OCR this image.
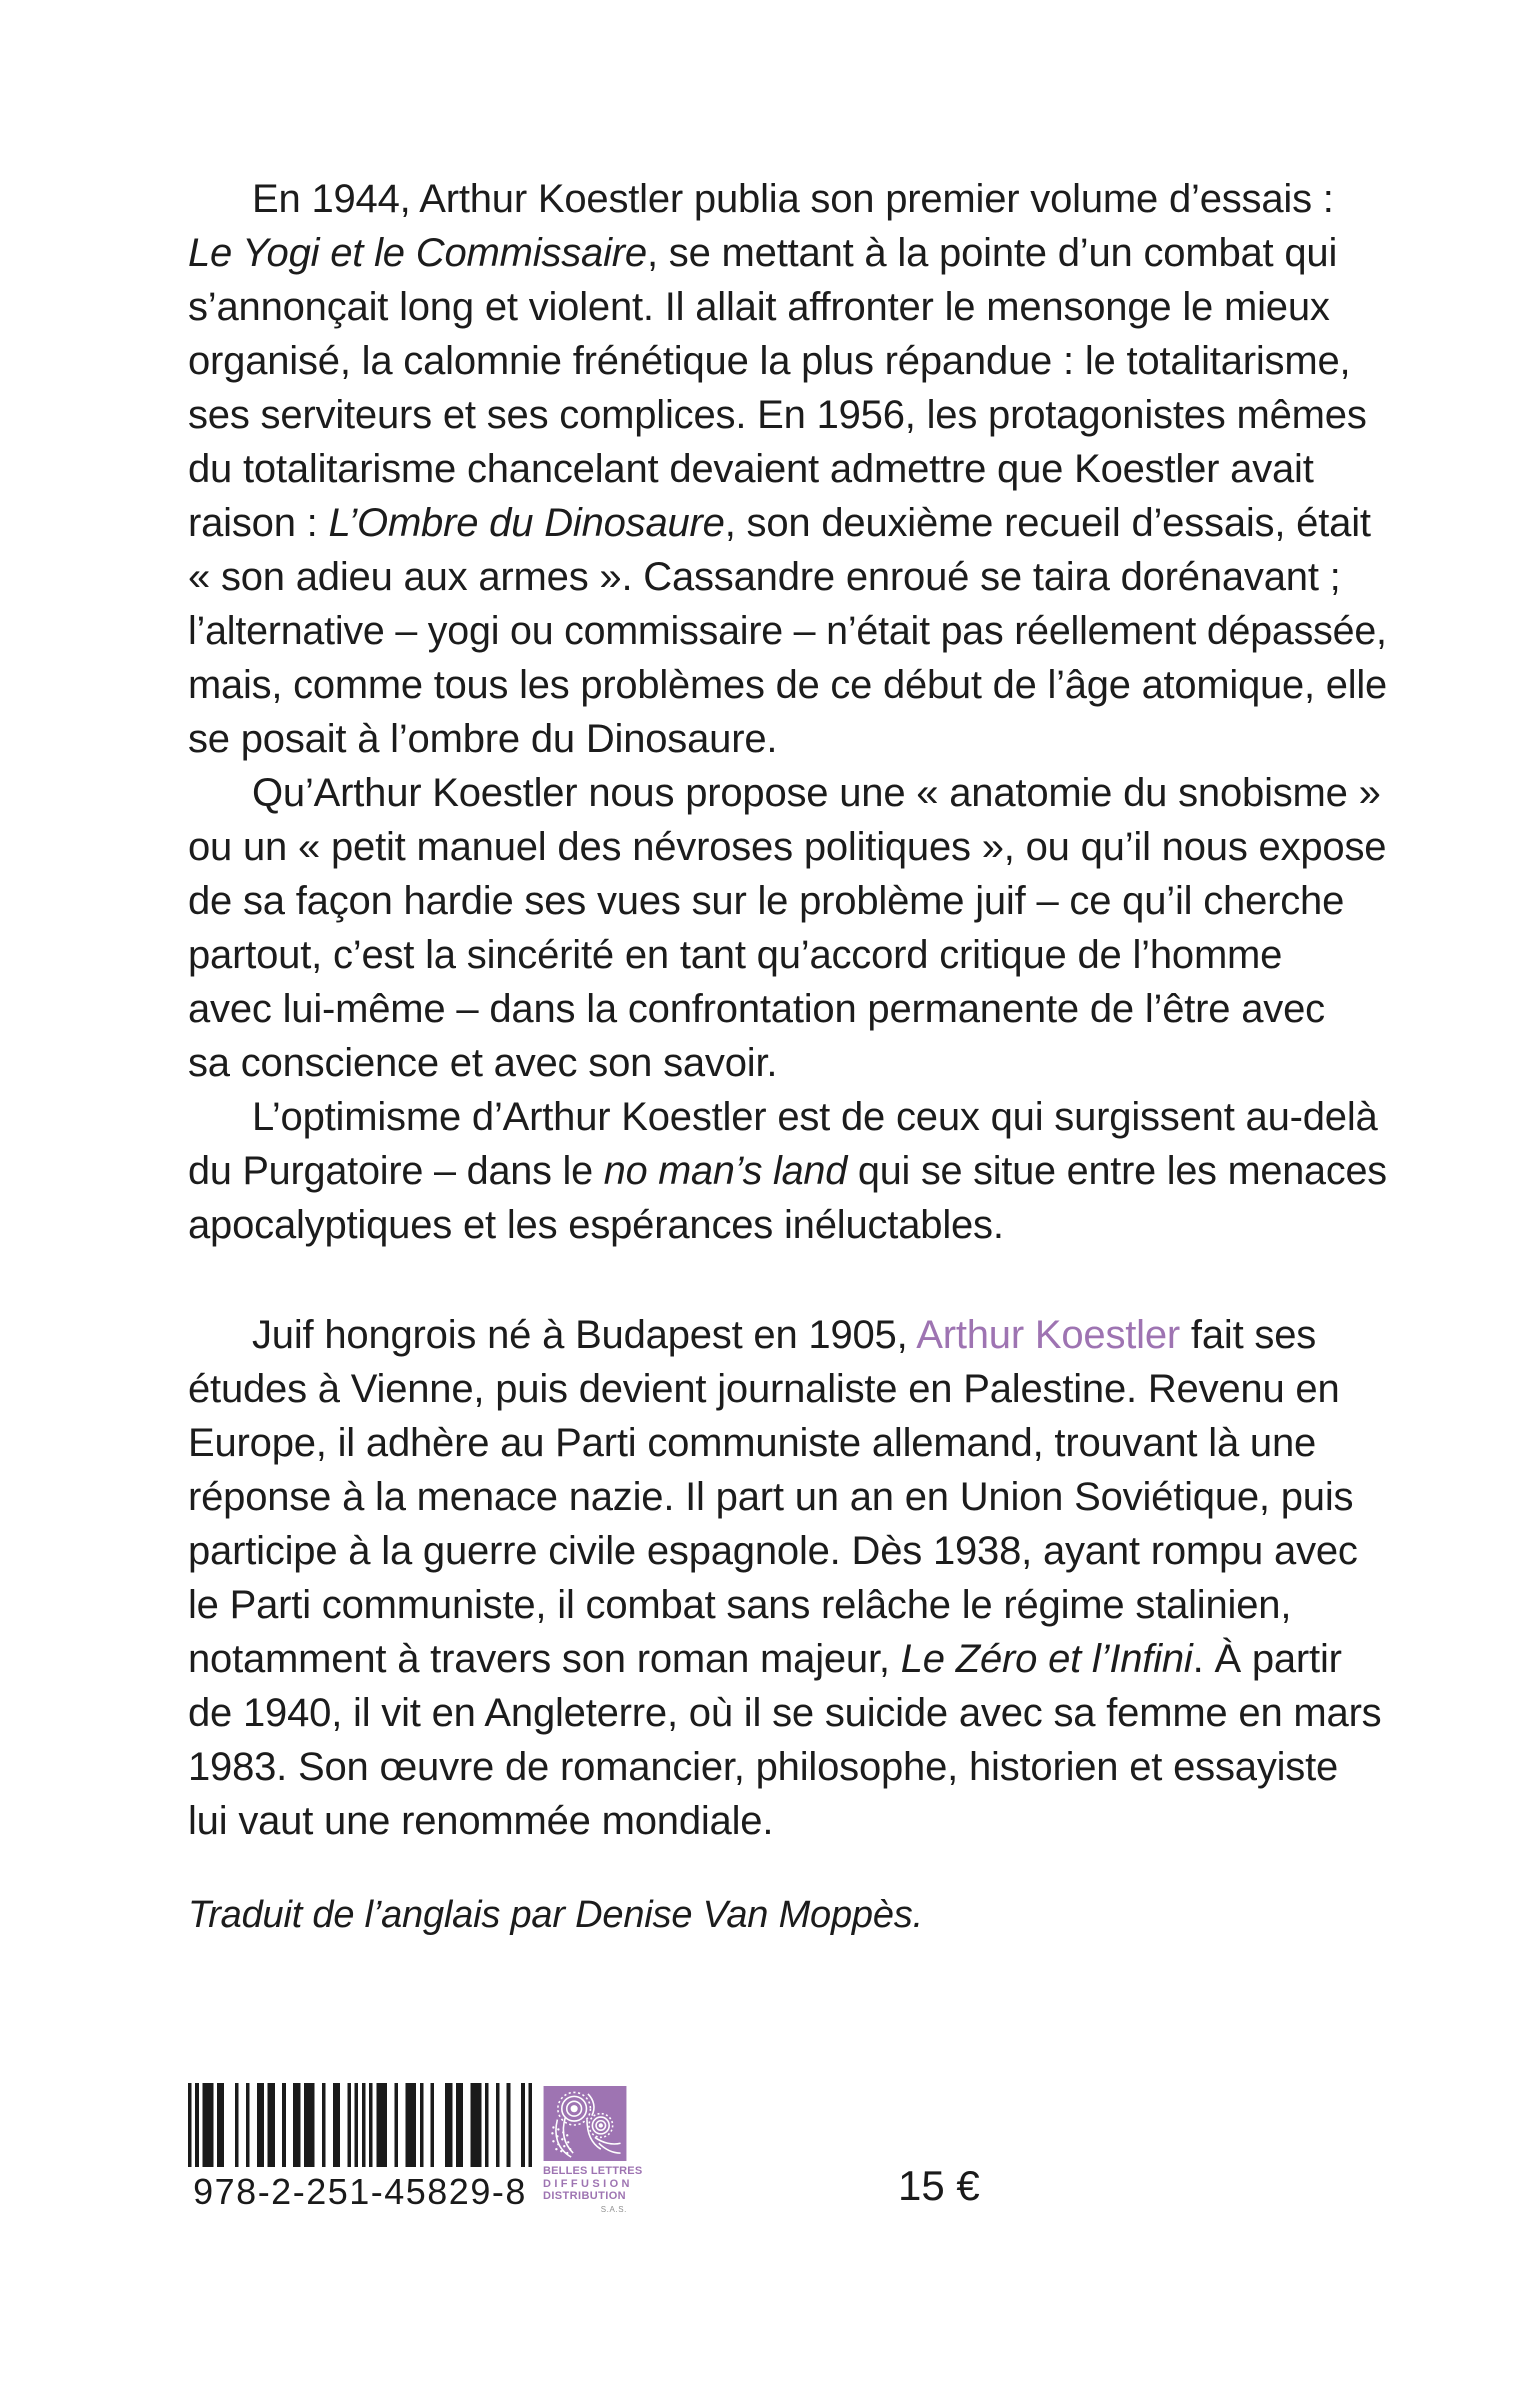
En 1944, Arthur Koestler publia son premier volume d’essais :
Le Yogi et le Commissaire, se mettant à la pointe d’un combat qui
s’annonçait long et violent. Il allait affronter le mensonge le mieux
organisé, la calomnie frénétique la plus répandue : le totalitarisme,
ses serviteurs et ses complices. En 1956, les protagonistes mêmes
du totalitarisme chancelant devaient admettre que Koestler avait
raison : L’Ombre du Dinosaure, son deuxième recueil d’essais, était
« son adieu aux armes ». Cassandre enroué se taira dorénavant ;
l’alternative – yogi ou commissaire – n’était pas réellement dépassée,
mais, comme tous les problèmes de ce début de l’âge atomique, elle
se posait à l’ombre du Dinosaure.
Qu’Arthur Koestler nous propose une « anatomie du snobisme »
ou un « petit manuel des névroses politiques », ou qu’il nous expose
de sa façon hardie ses vues sur le problème juif – ce qu’il cherche
partout, c’est la sincérité en tant qu’accord critique de l’homme
avec lui-même – dans la confrontation permanente de l’être avec
sa conscience et avec son savoir.
L’optimisme d’Arthur Koestler est de ceux qui surgissent au-delà
du Purgatoire – dans le no man’s land qui se situe entre les menaces
apocalyptiques et les espérances inéluctables.
Juif hongrois né à Budapest en 1905, Arthur Koestler fait ses
études à Vienne, puis devient journaliste en Palestine. Revenu en
Europe, il adhère au Parti communiste allemand, trouvant là une
réponse à la menace nazie. Il part un an en Union Soviétique, puis
participe à la guerre civile espagnole. Dès 1938, ayant rompu avec
le Parti communiste, il combat sans relâche le régime stalinien,
notamment à travers son roman majeur, Le Zéro et l’Infini. À partir
de 1940, il vit en Angleterre, où il se suicide avec sa femme en mars
1983. Son œuvre de romancier, philosophe, historien et essayiste
lui vaut une renommée mondiale.
Traduit de l’anglais par Denise Van Moppès.
978-2-251-45829-8	BELLES LETTRES
DIFFUSION
DISTRIBUTION
S.A.S.	15 €
